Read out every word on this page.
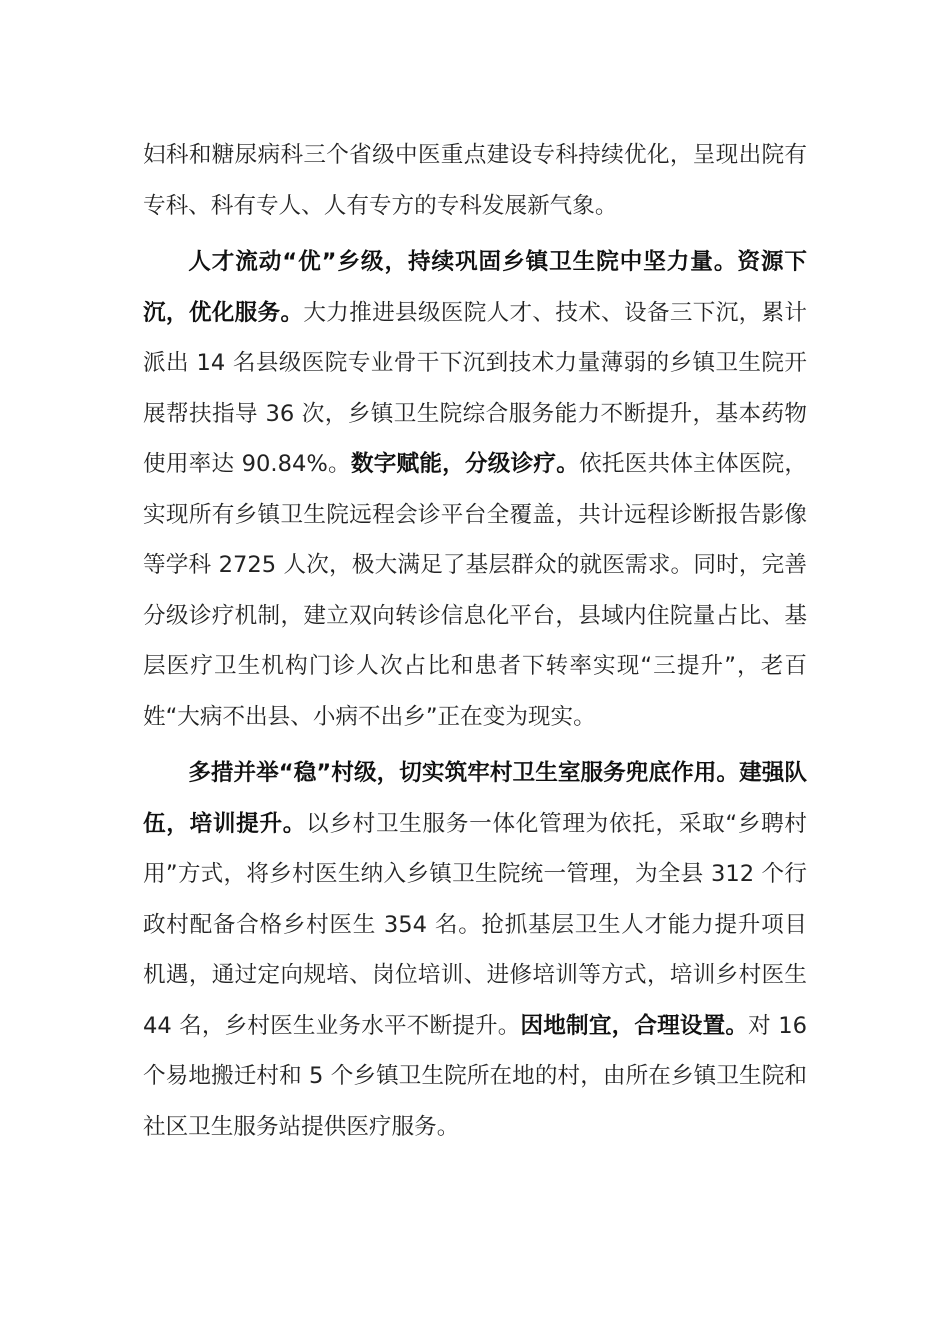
妇科和糖尿病科三个省级中医重点建设专科持续优化，呈现出院有专科、科有专人、人有专方的专科发展新气象。

人才流动“优”乡级，持续巩固乡镇卫生院中坚力量。资源下沉，优化服务。大力推进县级医院人才、技术、设备三下沉，累计派出 14 名县级医院专业骨干下沉到技术力量薄弱的乡镇卫生院开展帮扶指导 36 次，乡镇卫生院综合服务能力不断提升，基本药物使用率达 90.84%。数字赋能，分级诊疗。依托医共体主体医院，实现所有乡镇卫生院远程会诊平台全覆盖，共计远程诊断报告影像等学科 2725 人次，极大满足了基层群众的就医需求。同时，完善分级诊疗机制，建立双向转诊信息化平台，县域内住院量占比、基层医疗卫生机构门诊人次占比和患者下转率实现“三提升”，老百姓“大病不出县、小病不出乡”正在变为现实。

多措并举“稳”村级，切实筑牢村卫生室服务兜底作用。建强队伍，培训提升。以乡村卫生服务一体化管理为依托，采取“乡聘村用”方式，将乡村医生纳入乡镇卫生院统一管理，为全县 312 个行政村配备合格乡村医生 354 名。抢抓基层卫生人才能力提升项目机遇，通过定向规培、岗位培训、进修培训等方式，培训乡村医生 44 名，乡村医生业务水平不断提升。因地制宜，合理设置。对 16 个易地搬迁村和 5 个乡镇卫生院所在地的村，由所在乡镇卫生院和社区卫生服务站提供医疗服务。
